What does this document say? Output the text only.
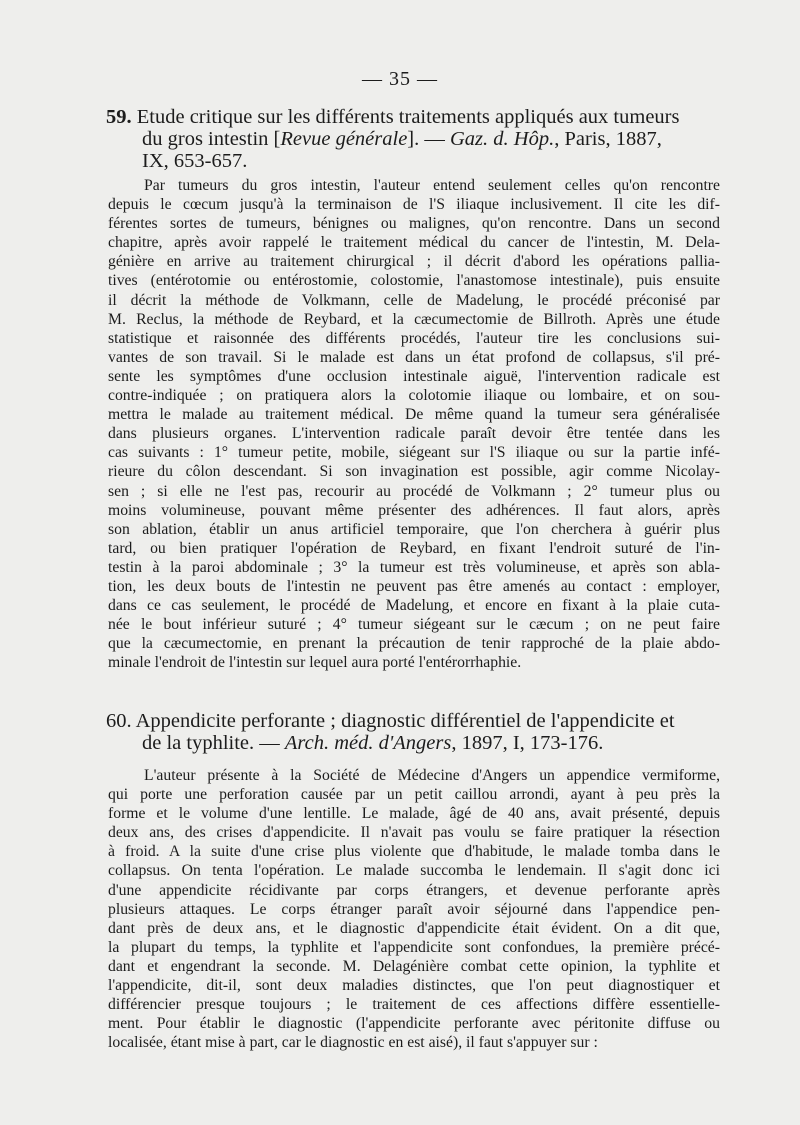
— 35 —
59. Etude critique sur les différents traitements appliqués aux tumeurs
du gros intestin [Revue générale]. — Gaz. d. Hôp., Paris, 1887,
IX, 653-657.
Par tumeurs du gros intestin, l'auteur entend seulement celles qu'on rencontre
depuis le cœcum jusqu'à la terminaison de l'S iliaque inclusivement. Il cite les dif-
férentes sortes de tumeurs, bénignes ou malignes, qu'on rencontre. Dans un second
chapitre, après avoir rappelé le traitement médical du cancer de l'intestin, M. Dela-
génière en arrive au traitement chirurgical ; il décrit d'abord les opérations pallia-
tives (entérotomie ou entérostomie, colostomie, l'anastomose intestinale), puis ensuite
il décrit la méthode de Volkmann, celle de Madelung, le procédé préconisé par
M. Reclus, la méthode de Reybard, et la cæcumectomie de Billroth. Après une étude
statistique et raisonnée des différents procédés, l'auteur tire les conclusions sui-
vantes de son travail. Si le malade est dans un état profond de collapsus, s'il pré-
sente les symptômes d'une occlusion intestinale aiguë, l'intervention radicale est
contre-indiquée ; on pratiquera alors la colotomie iliaque ou lombaire, et on sou-
mettra le malade au traitement médical. De même quand la tumeur sera généralisée
dans plusieurs organes. L'intervention radicale paraît devoir être tentée dans les
cas suivants : 1° tumeur petite, mobile, siégeant sur l'S iliaque ou sur la partie infé-
rieure du côlon descendant. Si son invagination est possible, agir comme Nicolay-
sen ; si elle ne l'est pas, recourir au procédé de Volkmann ; 2° tumeur plus ou
moins volumineuse, pouvant même présenter des adhérences. Il faut alors, après
son ablation, établir un anus artificiel temporaire, que l'on cherchera à guérir plus
tard, ou bien pratiquer l'opération de Reybard, en fixant l'endroit suturé de l'in-
testin à la paroi abdominale ; 3° la tumeur est très volumineuse, et après son abla-
tion, les deux bouts de l'intestin ne peuvent pas être amenés au contact : employer,
dans ce cas seulement, le procédé de Madelung, et encore en fixant à la plaie cuta-
née le bout inférieur suturé ; 4° tumeur siégeant sur le cæcum ; on ne peut faire
que la cæcumectomie, en prenant la précaution de tenir rapproché de la plaie abdo-
minale l'endroit de l'intestin sur lequel aura porté l'entérorrhaphie.
60. Appendicite perforante ; diagnostic différentiel de l'appendicite et
de la typhlite. — Arch. méd. d'Angers, 1897, I, 173-176.
L'auteur présente à la Société de Médecine d'Angers un appendice vermiforme,
qui porte une perforation causée par un petit caillou arrondi, ayant à peu près la
forme et le volume d'une lentille. Le malade, âgé de 40 ans, avait présenté, depuis
deux ans, des crises d'appendicite. Il n'avait pas voulu se faire pratiquer la résection
à froid. A la suite d'une crise plus violente que d'habitude, le malade tomba dans le
collapsus. On tenta l'opération. Le malade succomba le lendemain. Il s'agit donc ici
d'une appendicite récidivante par corps étrangers, et devenue perforante après
plusieurs attaques. Le corps étranger paraît avoir séjourné dans l'appendice pen-
dant près de deux ans, et le diagnostic d'appendicite était évident. On a dit que,
la plupart du temps, la typhlite et l'appendicite sont confondues, la première précé-
dant et engendrant la seconde. M. Delagénière combat cette opinion, la typhlite et
l'appendicite, dit-il, sont deux maladies distinctes, que l'on peut diagnostiquer et
différencier presque toujours ; le traitement de ces affections diffère essentielle-
ment. Pour établir le diagnostic (l'appendicite perforante avec péritonite diffuse ou
localisée, étant mise à part, car le diagnostic en est aisé), il faut s'appuyer sur :
